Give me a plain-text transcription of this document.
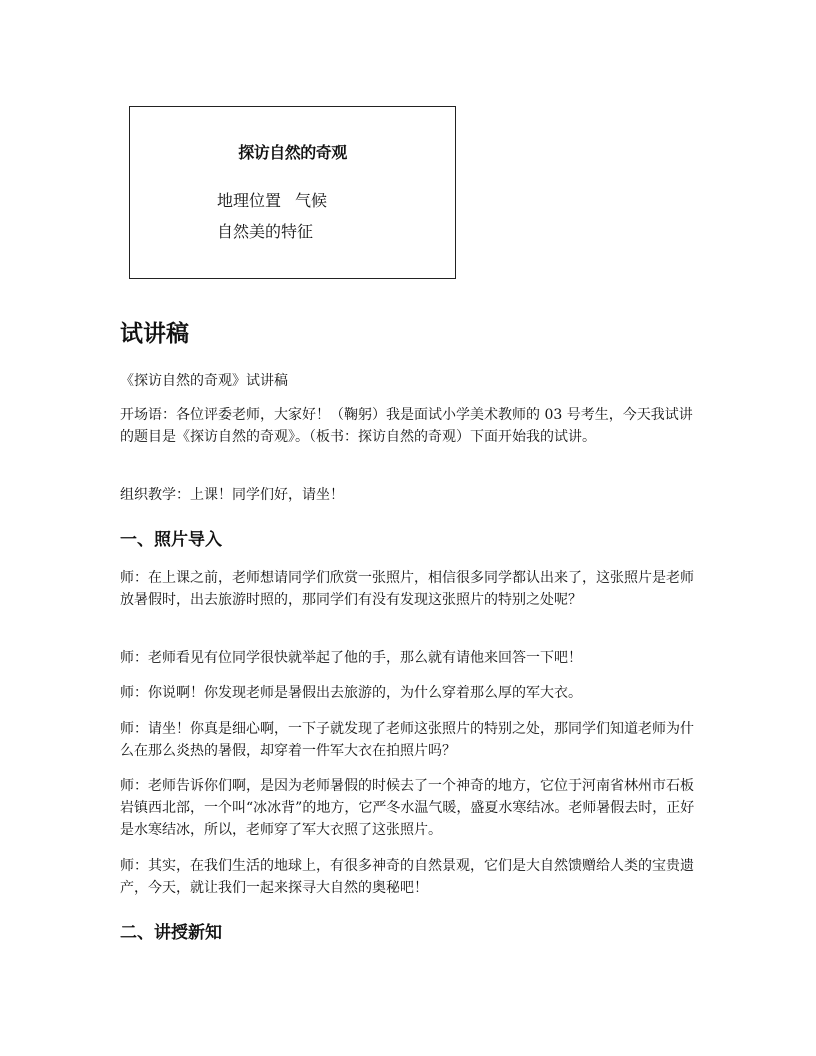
探访自然的奇观
地理位置 气候
自然美的特征
试讲稿

《探访自然的奇观》试讲稿

开场语：各位评委老师，大家好！（鞠躬）我是面试小学美术教师的 03 号考生，今天我试讲的题目是《探访自然的奇观》。（板书：探访自然的奇观）下面开始我的试讲。

组织教学：上课！同学们好，请坐！

一、照片导入

师：在上课之前，老师想请同学们欣赏一张照片，相信很多同学都认出来了，这张照片是老师放暑假时，出去旅游时照的，那同学们有没有发现这张照片的特别之处呢？

师：老师看见有位同学很快就举起了他的手，那么就有请他来回答一下吧！

师：你说啊！你发现老师是暑假出去旅游的，为什么穿着那么厚的军大衣。

师：请坐！你真是细心啊，一下子就发现了老师这张照片的特别之处，那同学们知道老师为什么在那么炎热的暑假，却穿着一件军大衣在拍照片吗？

师：老师告诉你们啊，是因为老师暑假的时候去了一个神奇的地方，它位于河南省林州市石板岩镇西北部，一个叫“冰冰背”的地方，它严冬水温气暖，盛夏水寒结冰。老师暑假去时，正好是水寒结冰，所以，老师穿了军大衣照了这张照片。

师：其实，在我们生活的地球上，有很多神奇的自然景观，它们是大自然馈赠给人类的宝贵遗产，今天，就让我们一起来探寻大自然的奥秘吧！

二、讲授新知
